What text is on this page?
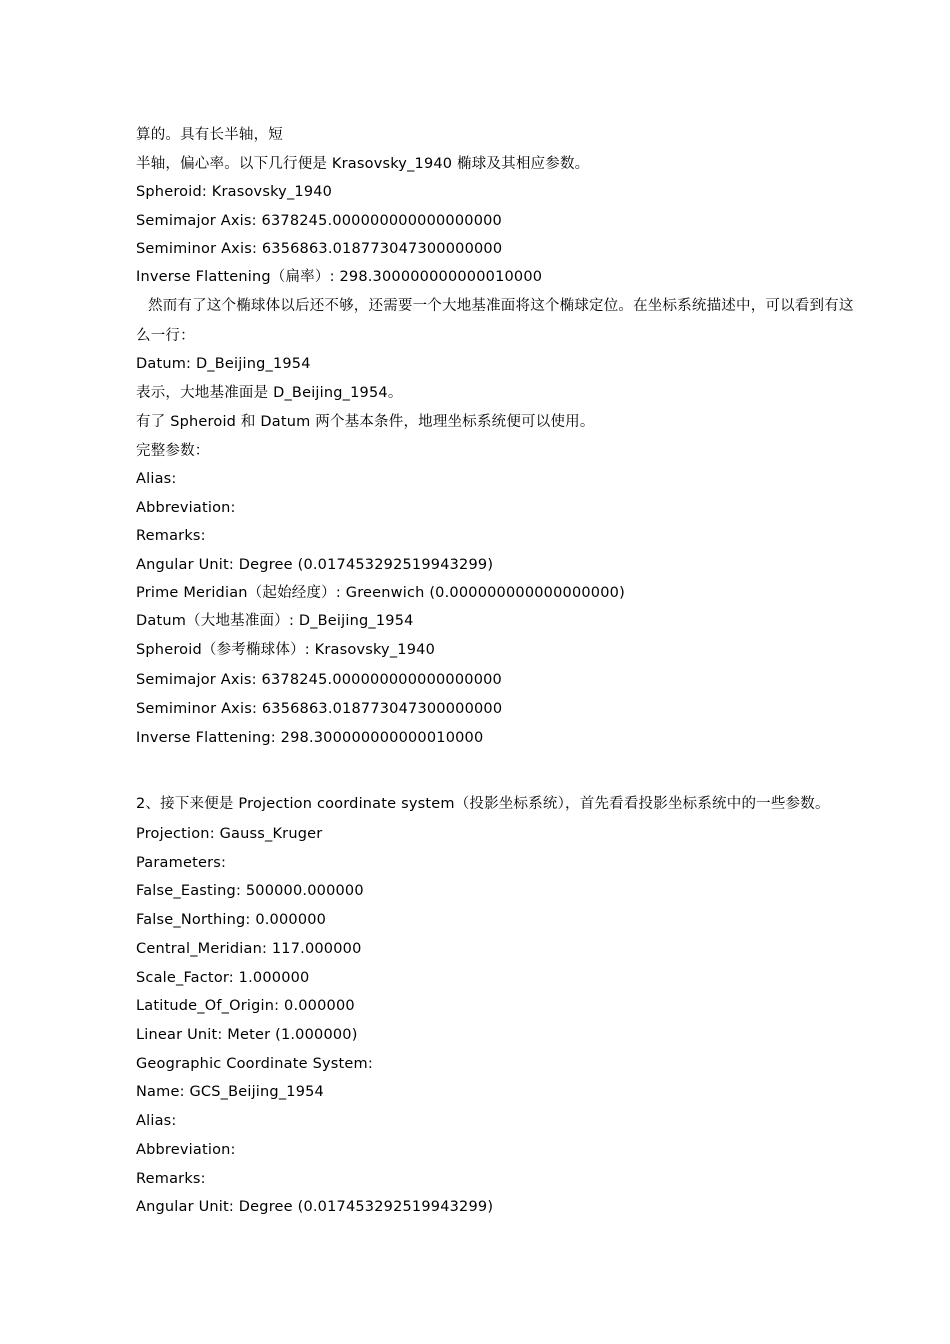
算的。具有长半轴，短
半轴，偏心率。以下几行便是 Krasovsky_1940 椭球及其相应参数。
Spheroid: Krasovsky_1940
Semimajor Axis: 6378245.000000000000000000
Semiminor Axis: 6356863.018773047300000000
Inverse Flattening（扁率）: 298.300000000000010000
然而有了这个椭球体以后还不够，还需要一个大地基准面将这个椭球定位。在坐标系统描述中，可以看到有这
么一行：
Datum: D_Beijing_1954
表示，大地基准面是 D_Beijing_1954。
有了 Spheroid 和 Datum 两个基本条件，地理坐标系统便可以使用。
完整参数：
Alias:
Abbreviation:
Remarks:
Angular Unit: Degree (0.017453292519943299)
Prime Meridian（起始经度）: Greenwich (0.000000000000000000)
Datum（大地基准面）: D_Beijing_1954
Spheroid（参考椭球体）: Krasovsky_1940
Semimajor Axis: 6378245.000000000000000000
Semiminor Axis: 6356863.018773047300000000
Inverse Flattening: 298.300000000000010000
2、接下来便是 Projection coordinate system（投影坐标系统），首先看看投影坐标系统中的一些参数。
Projection: Gauss_Kruger
Parameters:
False_Easting: 500000.000000
False_Northing: 0.000000
Central_Meridian: 117.000000
Scale_Factor: 1.000000
Latitude_Of_Origin: 0.000000
Linear Unit: Meter (1.000000)
Geographic Coordinate System:
Name: GCS_Beijing_1954
Alias:
Abbreviation:
Remarks:
Angular Unit: Degree (0.017453292519943299)
